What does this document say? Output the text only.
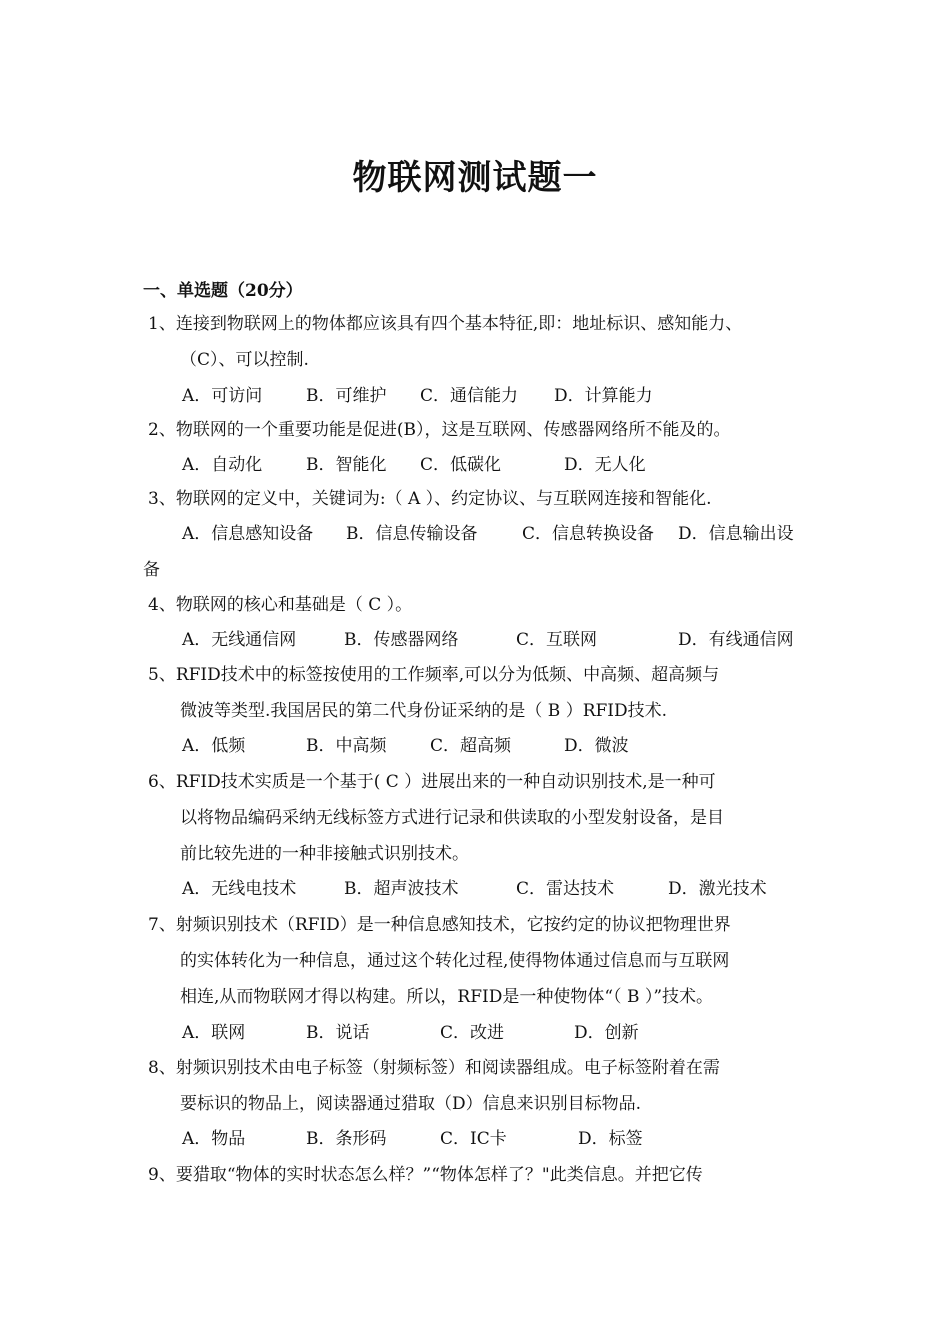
物联网测试题一
一、单选题（20分）
1、连接到物联网上的物体都应该具有四个基本特征,即：地址标识、感知能力、
（C）、可以控制.
A．可访问	B．可维护 C．通信能力 D．计算能力
2、物联网的一个重要功能是促进(B），这是互联网、传感器网络所不能及的。
A．自动化	B．智能化 C．低碳化	D．无人化
3、物联网的定义中，关键词为:（ A ）、约定协议、与互联网连接和智能化.
A．信息感知设备 B．信息传输设备	C．信息转换设备 D．信息输出设
备
4、物联网的核心和基础是（ C ）。
A．无线通信网	B．传感器网络	C．互联网	D．有线通信网
5、RFID技术中的标签按使用的工作频率,可以分为低频、中高频、超高频与
微波等类型.我国居民的第二代身份证采纳的是（ B ）RFID技术.
A．低频	B．中高频	C．超高频	D．微波
6、RFID技术实质是一个基于( C ）进展出来的一种自动识别技术,是一种可
以将物品编码采纳无线标签方式进行记录和供读取的小型发射设备，是目
前比较先进的一种非接触式识别技术。
A．无线电技术	B．超声波技术	C．雷达技术	D．激光技术
7、射频识别技术（RFID）是一种信息感知技术，它按约定的协议把物理世界
的实体转化为一种信息，通过这个转化过程,使得物体通过信息而与互联网
相连,从而物联网才得以构建。所以，RFID是一种使物体“（ B ）”技术。
A．联网	B．说话	C．改进	D．创新
8、射频识别技术由电子标签（射频标签）和阅读器组成。电子标签附着在需
要标识的物品上，阅读器通过猎取（D）信息来识别目标物品.
A．物品	B．条形码	C．IC卡	D．标签
9、要猎取“物体的实时状态怎么样？”“物体怎样了？"此类信息。并把它传
